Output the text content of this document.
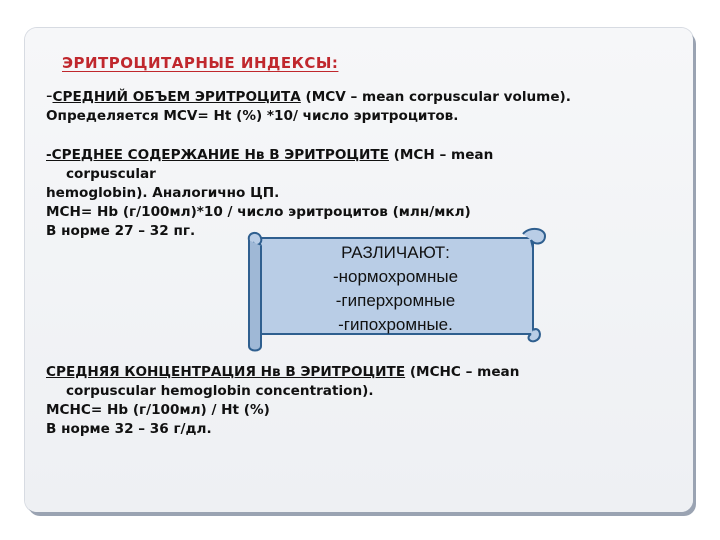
ЭРИТРОЦИТАРНЫЕ ИНДЕКСЫ:
-СРЕДНИЙ ОБЪЕМ ЭРИТРОЦИТА (MCV – mean corpuscular volume).
Определяется MCV= Ht (%) *10/ число эритроцитов.
-СРЕДНЕЕ СОДЕРЖАНИЕ Нв В ЭРИТРОЦИТЕ (MCH – mean
corpuscular
hemoglobin). Аналогично ЦП.
MCH= Hb (г/100мл)*10 / число эритроцитов (млн/мкл)
В норме 27 – 32 пг.
РАЗЛИЧАЮТ:
-нормохромные
-гиперхромные
-гипохромные.
СРЕДНЯЯ КОНЦЕНТРАЦИЯ Нв В ЭРИТРОЦИТЕ (MCHC – mean
corpuscular hemoglobin concentration).
MCHC= Hb (г/100мл) / Ht (%)
В норме 32 – 36 г/дл.
